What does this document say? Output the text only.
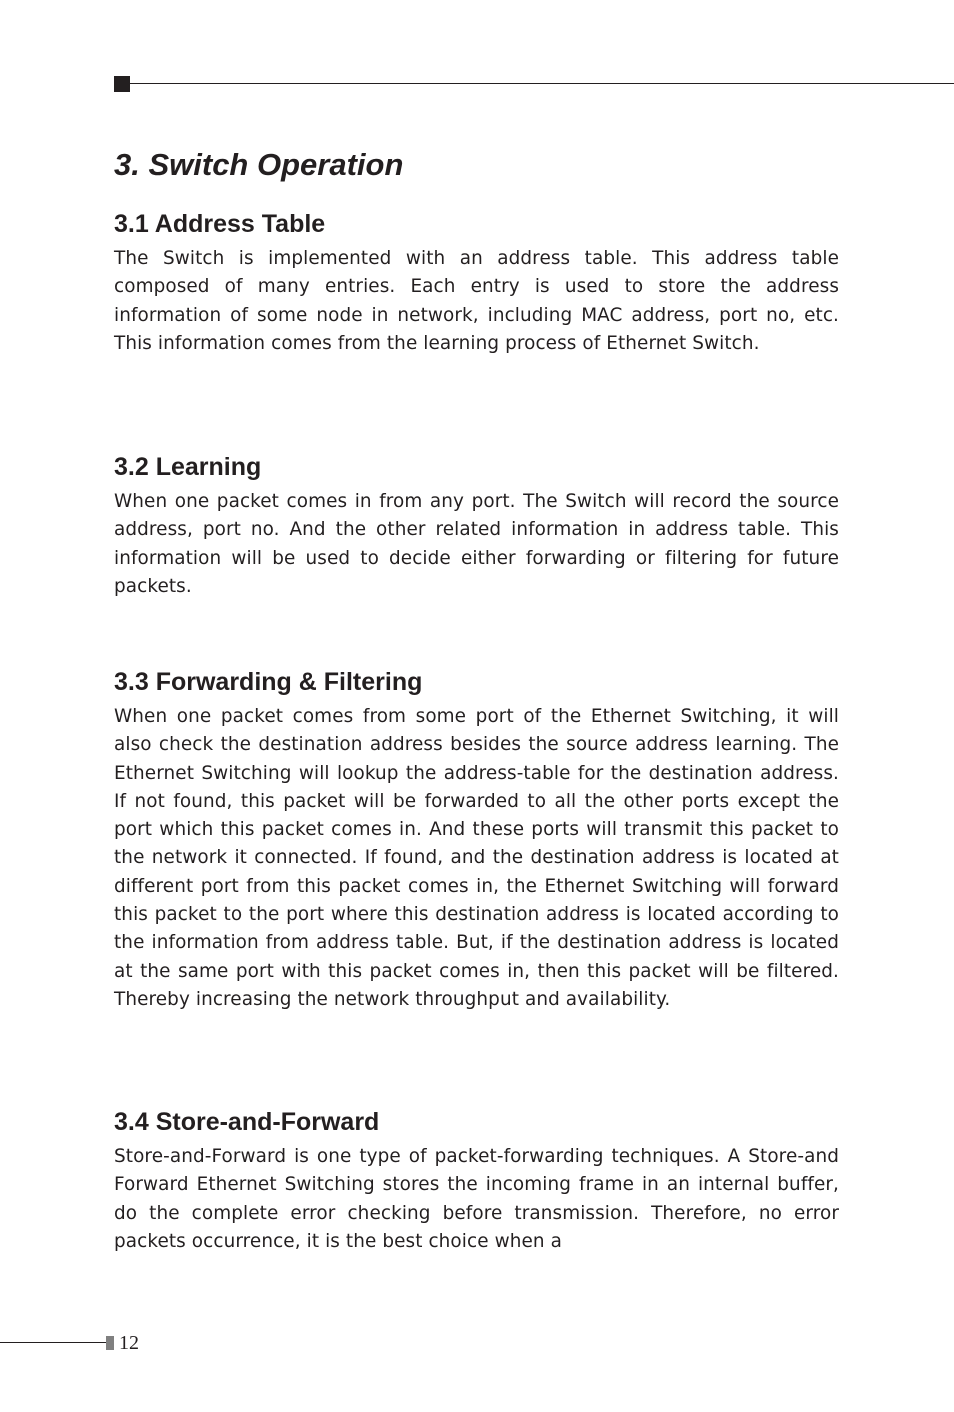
3. Switch Operation
3.1 Address Table

The Switch is implemented with an address table. This address table composed of many entries. Each entry is used to store the address information of some node in network, including MAC address, port no, etc. This information comes from the learning process of Ethernet Switch.

3.2 Learning

When one packet comes in from any port. The Switch will record the source address, port no. And the other related information in address table. This information will be used to decide either forwarding or filtering for future packets.

3.3 Forwarding & Filtering

When one packet comes from some port of the Ethernet Switching, it will also check the destination address besides the source address learning. The Ethernet Switching will lookup the address-table for the destination address. If not found, this packet will be forwarded to all the other ports except the port which this packet comes in. And these ports will transmit this packet to the network it connected. If found, and the destination address is located at different port from this packet comes in, the Ethernet Switching will forward this packet to the port where this destination address is located according to the information from address table. But, if the destination address is located at the same port with this packet comes in, then this packet will be filtered. Thereby increasing the network throughput and availability.

3.4 Store-and-Forward

Store-and-Forward is one type of packet-forwarding techniques. A Store-and Forward Ethernet Switching stores the incoming frame in an internal buffer, do the complete error checking before transmission. Therefore, no error packets occurrence, it is the best choice when a

12
